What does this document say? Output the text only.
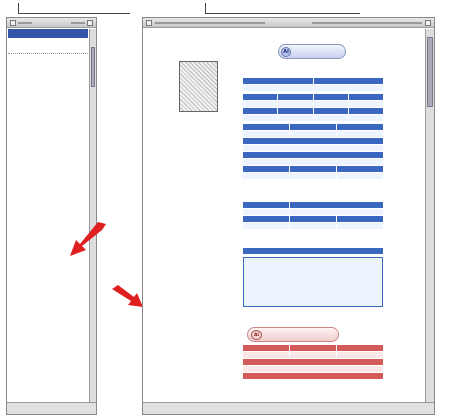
Ai
Ai
